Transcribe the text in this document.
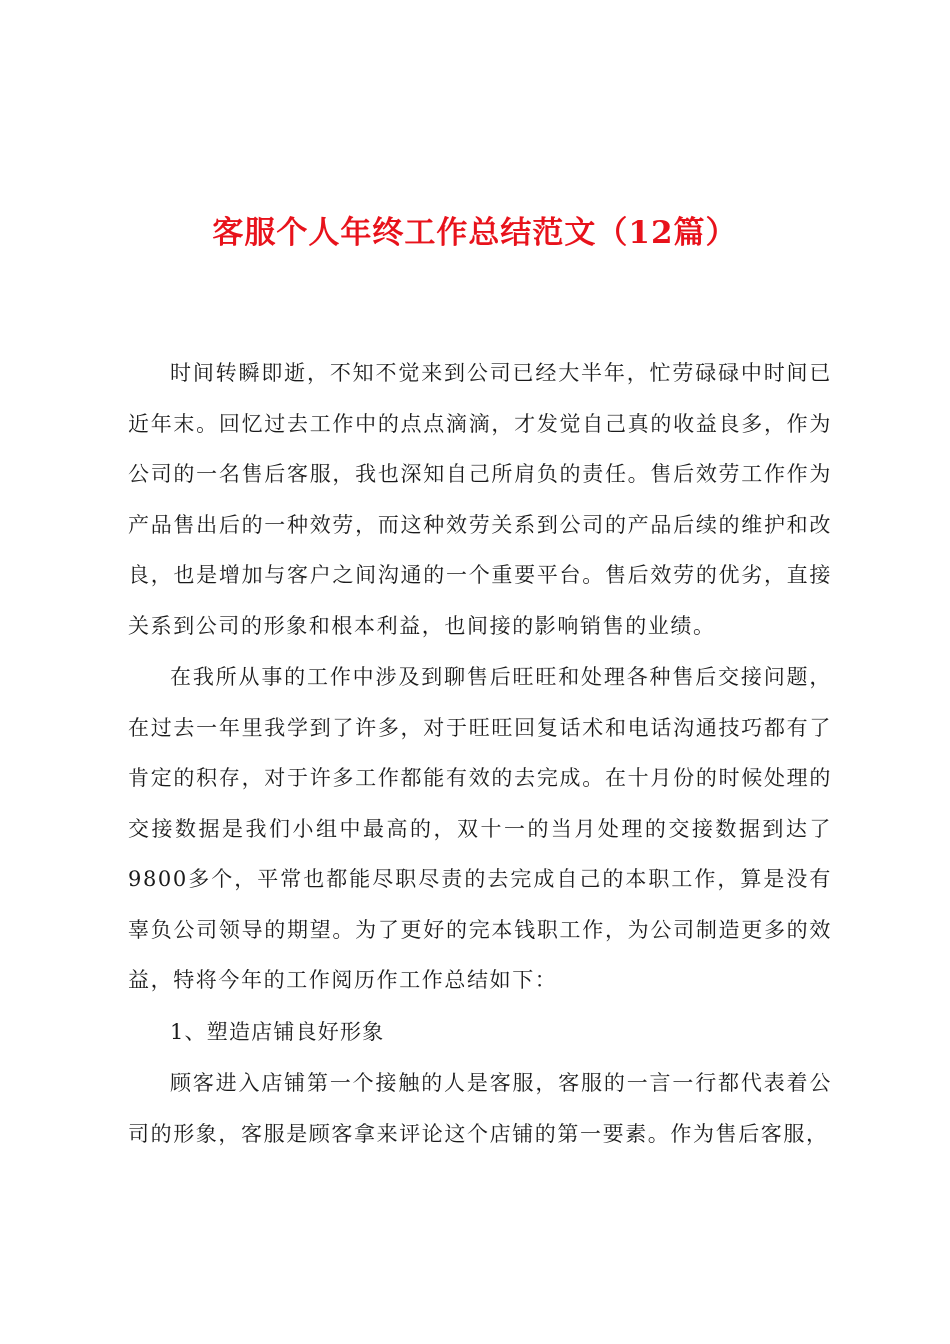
客服个人年终工作总结范文（12篇）

时间转瞬即逝，不知不觉来到公司已经大半年，忙劳碌碌中时间已近年末。回忆过去工作中的点点滴滴，才发觉自己真的收益良多，作为公司的一名售后客服，我也深知自己所肩负的责任。售后效劳工作作为产品售出后的一种效劳，而这种效劳关系到公司的产品后续的维护和改良，也是增加与客户之间沟通的一个重要平台。售后效劳的优劣，直接关系到公司的形象和根本利益，也间接的影响销售的业绩。

在我所从事的工作中涉及到聊售后旺旺和处理各种售后交接问题，在过去一年里我学到了许多，对于旺旺回复话术和电话沟通技巧都有了肯定的积存，对于许多工作都能有效的去完成。在十月份的时候处理的交接数据是我们小组中最高的，双十一的当月处理的交接数据到达了9800多个，平常也都能尽职尽责的去完成自己的本职工作，算是没有辜负公司领导的期望。为了更好的完本钱职工作，为公司制造更多的效益，特将今年的工作阅历作工作总结如下：

1、塑造店铺良好形象

顾客进入店铺第一个接触的人是客服，客服的一言一行都代表着公司的形象，客服是顾客拿来评论这个店铺的第一要素。作为售后客服，
